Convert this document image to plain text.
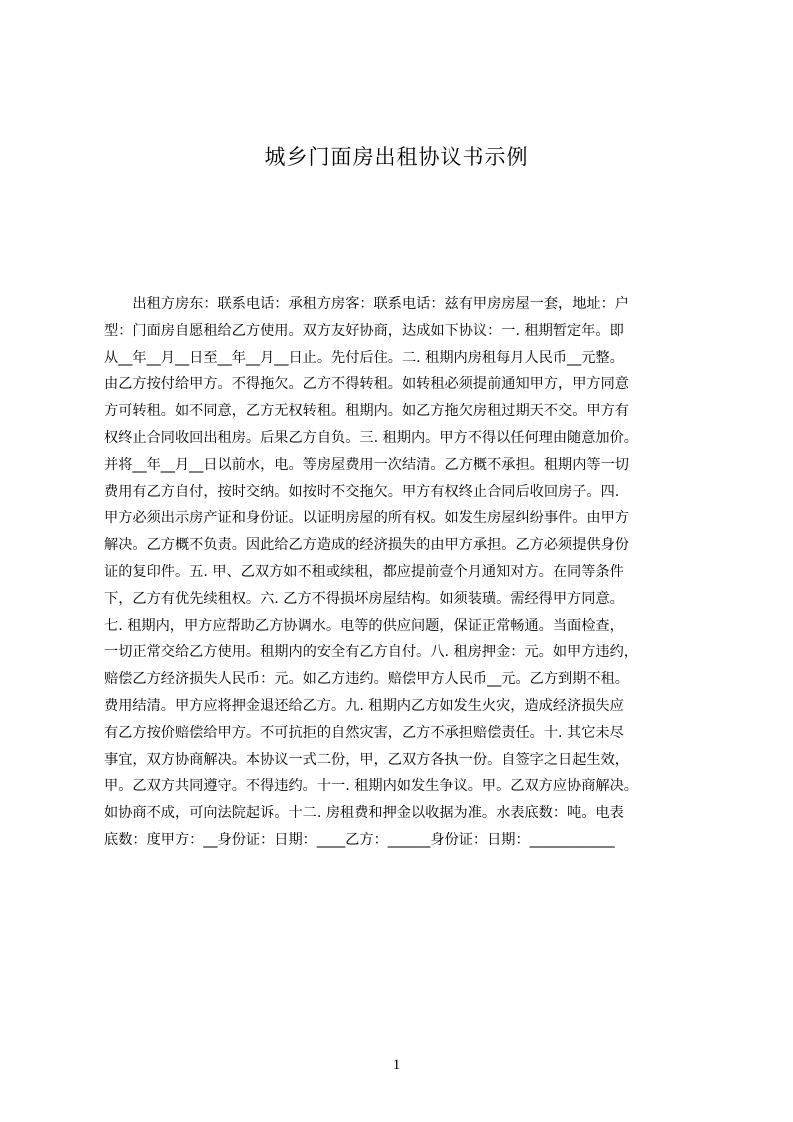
城乡门面房出租协议书示例
　　出租方房东：联系电话：承租方房客：联系电话：兹有甲房房屋一套，地址：户
型：门面房自愿租给乙方使用。双方友好协商，达成如下协议：一. 租期暂定年。即
从__年__月__日至__年__月__日止。先付后住。二. 租期内房租每月人民币__元整。
由乙方按付给甲方。不得拖欠。乙方不得转租。如转租必须提前通知甲方，甲方同意
方可转租。如不同意，乙方无权转租。租期内。如乙方拖欠房租过期天不交。甲方有
权终止合同收回出租房。后果乙方自负。三. 租期内。甲方不得以任何理由随意加价。
并将__年__月__日以前水，电。等房屋费用一次结清。乙方概不承担。租期内等一切
费用有乙方自付，按时交纳。如按时不交拖欠。甲方有权终止合同后收回房子。四.
甲方必须出示房产证和身份证。以证明房屋的所有权。如发生房屋纠纷事件。由甲方
解决。乙方概不负责。因此给乙方造成的经济损失的由甲方承担。乙方必须提供身份
证的复印件。五. 甲、乙双方如不租或续租，都应提前壹个月通知对方。在同等条件
下，乙方有优先续租权。六. 乙方不得损坏房屋结构。如须装璜。需经得甲方同意。
七. 租期内，甲方应帮助乙方协调水。电等的供应问题，保证正常畅通。当面检查，
一切正常交给乙方使用。租期内的安全有乙方自付。八. 租房押金：元。如甲方违约，
赔偿乙方经济损失人民币：元。如乙方违约。赔偿甲方人民币__元。乙方到期不租。
费用结清。甲方应将押金退还给乙方。九. 租期内乙方如发生火灾，造成经济损失应
有乙方按价赔偿给甲方。不可抗拒的自然灾害，乙方不承担赔偿责任。十. 其它未尽
事宜，双方协商解决。本协议一式二份，甲，乙双方各执一份。自签字之日起生效，
甲。乙双方共同遵守。不得违约。十一. 租期内如发生争议。甲。乙双方应协商解决。
如协商不成，可向法院起诉。十二. 房租费和押金以收据为准。水表底数：吨。电表
底数：度甲方：__身份证：日期：____乙方：______身份证：日期：____________
1
